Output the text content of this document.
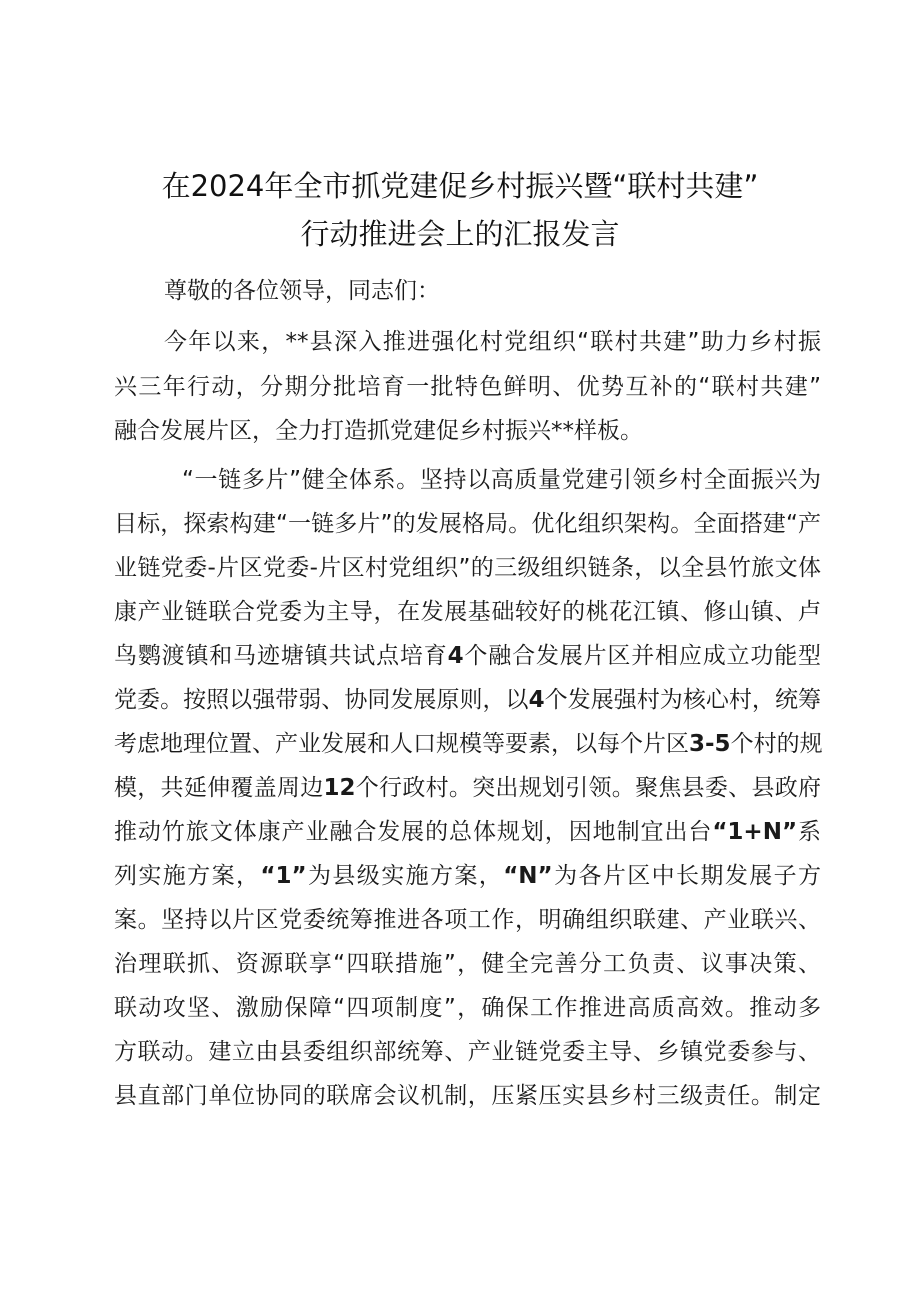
在2024年全市抓党建促乡村振兴暨“联村共建”
行动推进会上的汇报发言
尊敬的各位领导，同志们：
今年以来，**县深入推进强化村党组织“联村共建”助力乡村振
兴三年行动，分期分批培育一批特色鲜明、优势互补的“联村共建”
融合发展片区，全力打造抓党建促乡村振兴**样板。
“一链多片”健全体系。坚持以高质量党建引领乡村全面振兴为
目标，探索构建“一链多片”的发展格局。优化组织架构。全面搭建“产
业链党委-片区党委-片区村党组织”的三级组织链条，以全县竹旅文体
康产业链联合党委为主导，在发展基础较好的桃花江镇、修山镇、卢
鸟鹦渡镇和马迹塘镇共试点培育4个融合发展片区并相应成立功能型
党委。按照以强带弱、协同发展原则，以4个发展强村为核心村，统筹
考虑地理位置、产业发展和人口规模等要素，以每个片区3-5个村的规
模，共延伸覆盖周边12个行政村。突出规划引领。聚焦县委、县政府
推动竹旅文体康产业融合发展的总体规划，因地制宜出台“1+N”系
列实施方案，“1”为县级实施方案，“N”为各片区中长期发展子方
案。坚持以片区党委统筹推进各项工作，明确组织联建、产业联兴、
治理联抓、资源联享“四联措施”，健全完善分工负责、议事决策、
联动攻坚、激励保障“四项制度”，确保工作推进高质高效。推动多
方联动。建立由县委组织部统筹、产业链党委主导、乡镇党委参与、
县直部门单位协同的联席会议机制，压紧压实县乡村三级责任。制定
